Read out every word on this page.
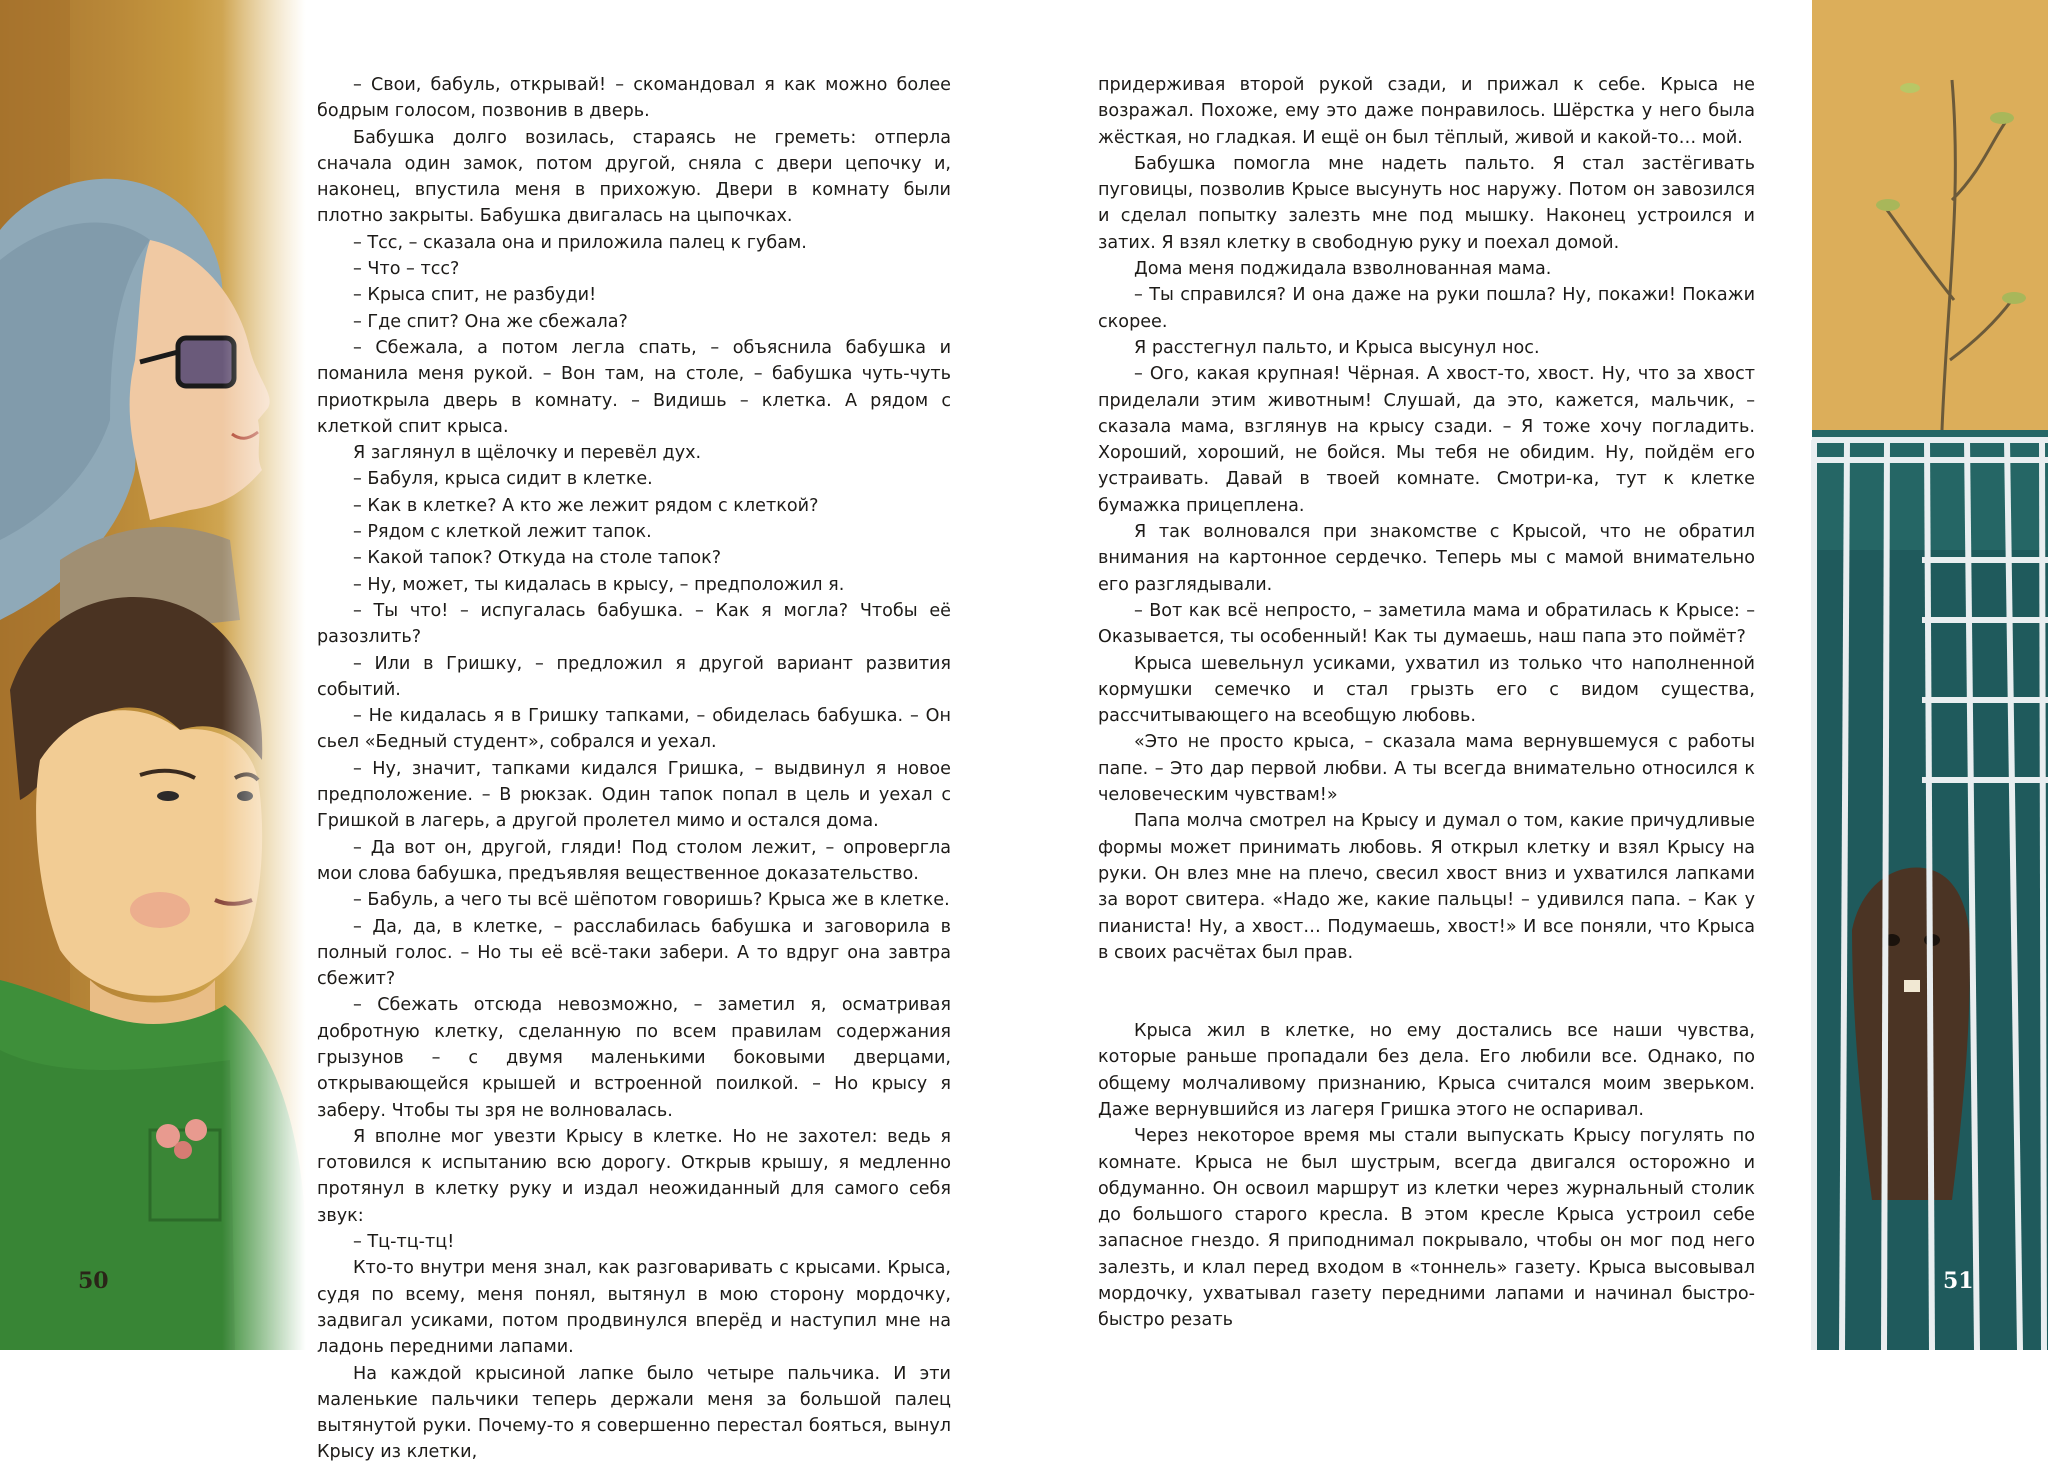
50

– Свои, бабуль, открывай! – скомандовал я как можно более бодрым голосом, позвонив в дверь.

Бабушка долго возилась, стараясь не греметь: отперла сначала один замок, потом другой, сняла с двери цепочку и, наконец, впустила меня в прихожую. Двери в комнату были плотно закрыты. Бабушка двигалась на цыпочках.

– Тсс, – сказала она и приложила палец к губам.

– Что – тсс?

– Крыса спит, не разбуди!

– Где спит? Она же сбежала?

– Сбежала, а потом легла спать, – объяснила бабушка и поманила меня рукой. – Вон там, на столе, – бабушка чуть-чуть приоткрыла дверь в комнату. – Видишь – клетка. А рядом с клеткой спит крыса.

Я заглянул в щёлочку и перевёл дух.

– Бабуля, крыса сидит в клетке.

– Как в клетке? А кто же лежит рядом с клеткой?

– Рядом с клеткой лежит тапок.

– Какой тапок? Откуда на столе тапок?

– Ну, может, ты кидалась в крысу, – предположил я.

– Ты что! – испугалась бабушка. – Как я могла? Чтобы её разозлить?

– Или в Гришку, – предложил я другой вариант развития событий.

– Не кидалась я в Гришку тапками, – обиделась бабушка. – Он сьел «Бедный студент», собрался и уехал.

– Ну, значит, тапками кидался Гришка, – выдвинул я новое предположение. – В рюкзак. Один тапок попал в цель и уехал с Гришкой в лагерь, а другой пролетел мимо и остался дома.

– Да вот он, другой, гляди! Под столом лежит, – опровергла мои слова бабушка, предъявляя вещественное доказательство.

– Бабуль, а чего ты всё шёпотом говоришь? Крыса же в клетке.

– Да, да, в клетке, – расслабилась бабушка и заговорила в полный голос. – Но ты её всё-таки забери. А то вдруг она завтра сбежит?

– Сбежать отсюда невозможно, – заметил я, осматривая добротную клетку, сделанную по всем правилам содержания грызунов – с двумя маленькими боковыми дверцами, открывающейся крышей и встроенной поилкой. – Но крысу я заберу. Чтобы ты зря не волновалась.

Я вполне мог увезти Крысу в клетке. Но не захотел: ведь я готовился к испытанию всю дорогу. Открыв крышу, я медленно протянул в клетку руку и издал неожиданный для самого себя звук:

– Тц-тц-тц!

Кто-то внутри меня знал, как разговаривать с крысами. Крыса, судя по всему, меня понял, вытянул в мою сторону мордочку, задвигал усиками, потом продвинулся вперёд и наступил мне на ладонь передними лапами.

На каждой крысиной лапке было четыре пальчика. И эти маленькие пальчики теперь держали меня за большой палец вытянутой руки. Почему-то я совершенно перестал бояться, вынул Крысу из клетки,

придерживая второй рукой сзади, и прижал к себе. Крыса не возражал. Похоже, ему это даже понравилось. Шёрстка у него была жёсткая, но гладкая. И ещё он был тёплый, живой и какой-то… мой.

Бабушка помогла мне надеть пальто. Я стал застёгивать пуговицы, позволив Крысе высунуть нос наружу. Потом он завозился и сделал попытку залезть мне под мышку. Наконец устроился и затих. Я взял клетку в свободную руку и поехал домой.

Дома меня поджидала взволнованная мама.

– Ты справился? И она даже на руки пошла? Ну, покажи! Покажи скорее.

Я расстегнул пальто, и Крыса высунул нос.

– Ого, какая крупная! Чёрная. А хвост-то, хвост. Ну, что за хвост приделали этим животным! Слушай, да это, кажется, мальчик, – сказала мама, взглянув на крысу сзади. – Я тоже хочу погладить. Хороший, хороший, не бойся. Мы тебя не обидим. Ну, пойдём его устраивать. Давай в твоей комнате. Смотри-ка, тут к клетке бумажка прицеплена.

Я так волновался при знакомстве с Крысой, что не обратил внимания на картонное сердечко. Теперь мы с мамой внимательно его разглядывали.

– Вот как всё непросто, – заметила мама и обратилась к Крысе: – Оказывается, ты особенный! Как ты думаешь, наш папа это поймёт?

Крыса шевельнул усиками, ухватил из только что наполненной кормушки семечко и стал грызть его с видом существа, рассчитывающего на всеобщую любовь.

«Это не просто крыса, – сказала мама вернувшемуся с работы папе. – Это дар первой любви. А ты всегда внимательно относился к человеческим чувствам!»

Папа молча смотрел на Крысу и думал о том, какие причудливые формы может принимать любовь. Я открыл клетку и взял Крысу на руки. Он влез мне на плечо, свесил хвост вниз и ухватился лапками за ворот свитера. «Надо же, какие пальцы! – удивился папа. – Как у пианиста! Ну, а хвост… Подумаешь, хвост!» И все поняли, что Крыса в своих расчётах был прав.

Крыса жил в клетке, но ему достались все наши чувства, которые раньше пропадали без дела. Его любили все. Однако, по общему молчаливому признанию, Крыса считался моим зверьком. Даже вернувшийся из лагеря Гришка этого не оспаривал.

Через некоторое время мы стали выпускать Крысу погулять по комнате. Крыса не был шустрым, всегда двигался осторожно и обдуманно. Он освоил маршрут из клетки через журнальный столик до большого старого кресла. В этом кресле Крыса устроил себе запасное гнездо. Я приподнимал покрывало, чтобы он мог под него залезть, и клал перед входом в «тоннель» газету. Крыса высовывал мордочку, ухватывал газету передними лапами и начинал быстро-быстро резать

51
